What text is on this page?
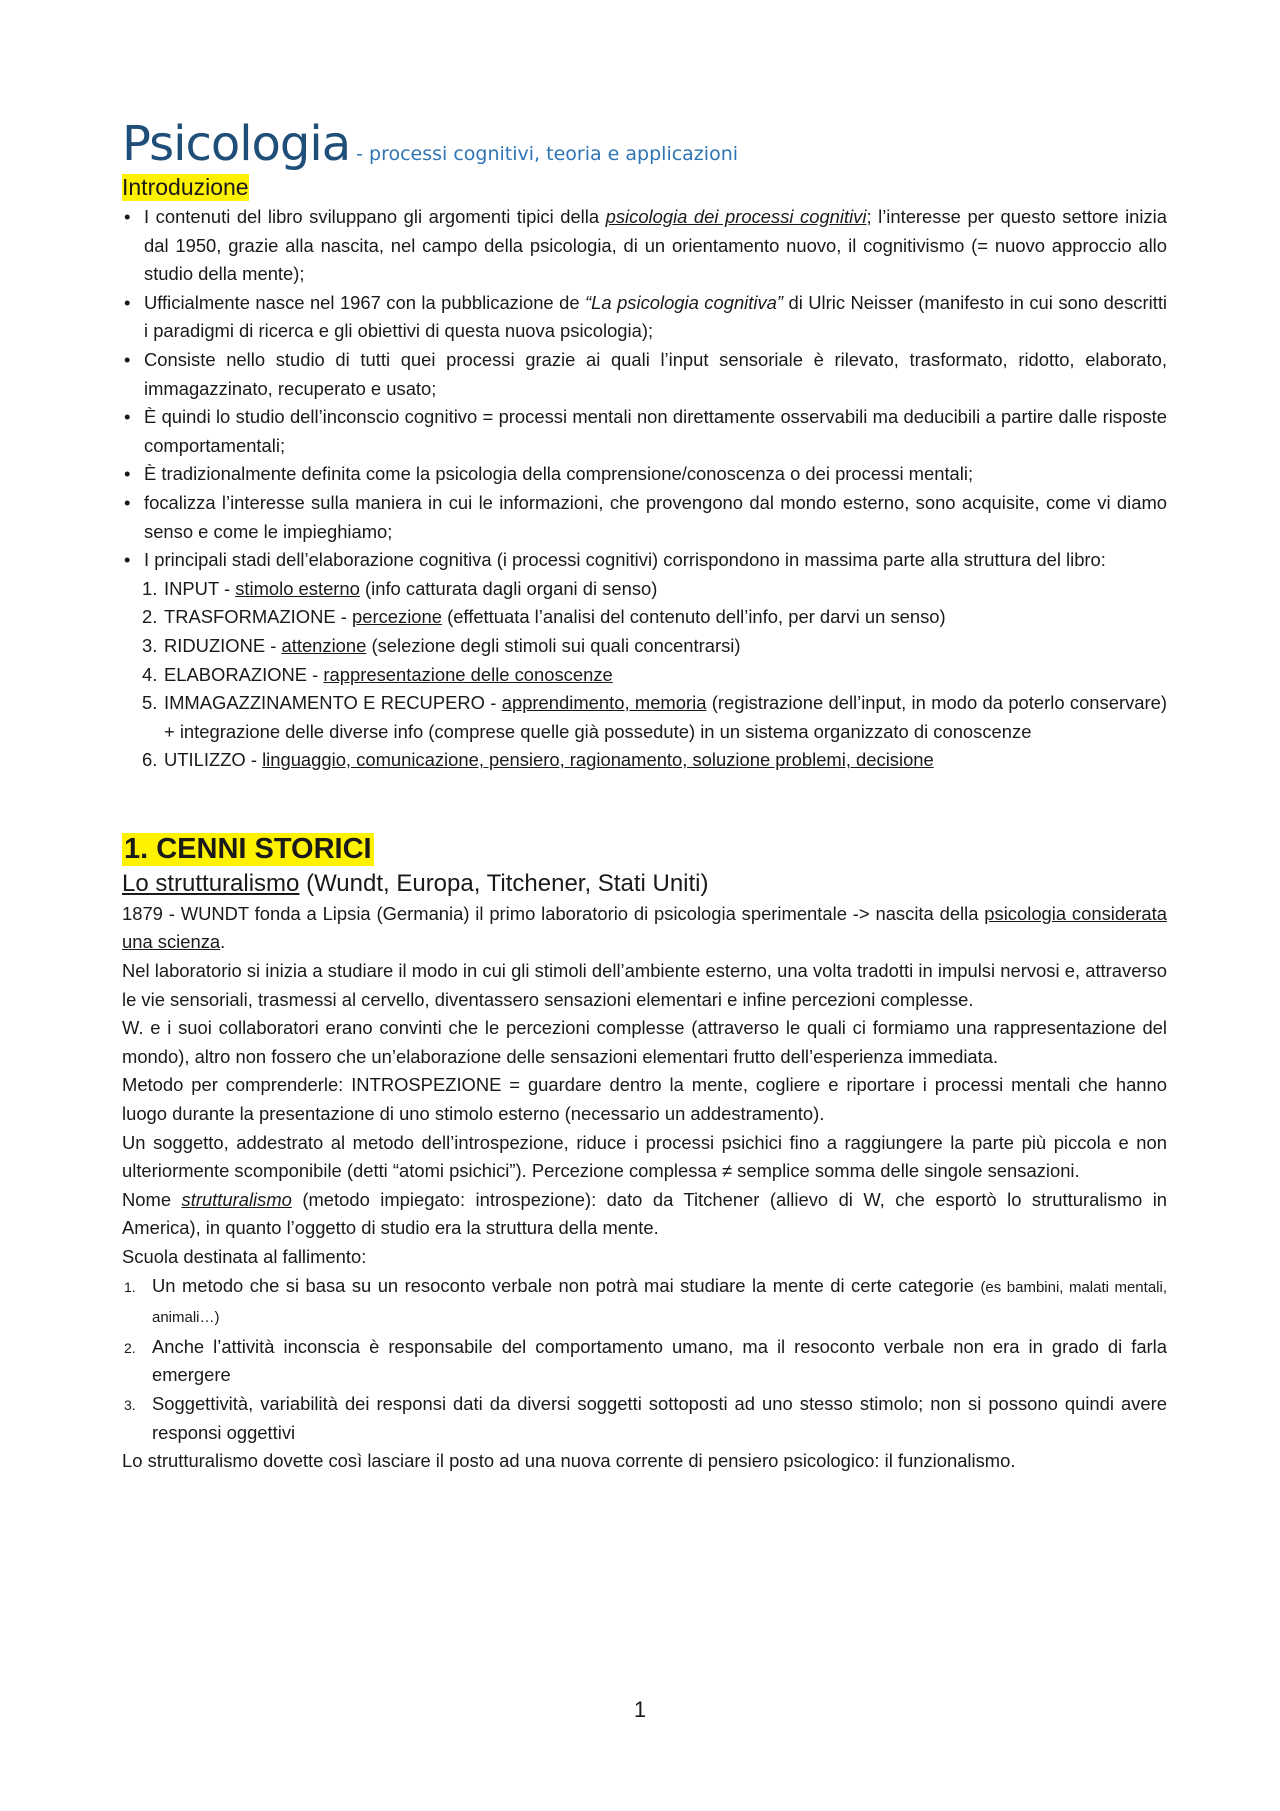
Psicologia - processi cognitivi, teoria e applicazioni
Introduzione
• I contenuti del libro sviluppano gli argomenti tipici della psicologia dei processi cognitivi; l’interesse per questo settore inizia dal 1950, grazie alla nascita, nel campo della psicologia, di un orientamento nuovo, il cognitivismo (= nuovo approccio allo studio della mente);
• Ufficialmente nasce nel 1967 con la pubblicazione de “La psicologia cognitiva” di Ulric Neisser (manifesto in cui sono descritti i paradigmi di ricerca e gli obiettivi di questa nuova psicologia);
• Consiste nello studio di tutti quei processi grazie ai quali l’input sensoriale è rilevato, trasformato, ridotto, elaborato, immagazzinato, recuperato e usato;
• È quindi lo studio dell’inconscio cognitivo = processi mentali non direttamente osservabili ma deducibili a partire dalle risposte comportamentali;
• È tradizionalmente definita come la psicologia della comprensione/conoscenza o dei processi mentali;
• focalizza l’interesse sulla maniera in cui le informazioni, che provengono dal mondo esterno, sono acquisite, come vi diamo senso e come le impieghiamo;
• I principali stadi dell’elaborazione cognitiva (i processi cognitivi) corrispondono in massima parte alla struttura del libro:
1. INPUT - stimolo esterno (info catturata dagli organi di senso)
2. TRASFORMAZIONE - percezione (effettuata l’analisi del contenuto dell’info, per darvi un senso)
3. RIDUZIONE - attenzione (selezione degli stimoli sui quali concentrarsi)
4. ELABORAZIONE - rappresentazione delle conoscenze
5. IMMAGAZZINAMENTO E RECUPERO - apprendimento, memoria (registrazione dell’input, in modo da poterlo conservare) + integrazione delle diverse info (comprese quelle già possedute) in un sistema organizzato di conoscenze
6. UTILIZZO - linguaggio, comunicazione, pensiero, ragionamento, soluzione problemi, decisione
1. CENNI STORICI
Lo strutturalismo (Wundt, Europa, Titchener, Stati Uniti)

1879 - WUNDT fonda a Lipsia (Germania) il primo laboratorio di psicologia sperimentale -> nascita della psicologia considerata una scienza.

Nel laboratorio si inizia a studiare il modo in cui gli stimoli dell’ambiente esterno, una volta tradotti in impulsi nervosi e, attraverso le vie sensoriali, trasmessi al cervello, diventassero sensazioni elementari e infine percezioni complesse.

W. e i suoi collaboratori erano convinti che le percezioni complesse (attraverso le quali ci formiamo una rappresentazione del mondo), altro non fossero che un’elaborazione delle sensazioni elementari frutto dell’esperienza immediata.

Metodo per comprenderle: INTROSPEZIONE = guardare dentro la mente, cogliere e riportare i processi mentali che hanno luogo durante la presentazione di uno stimolo esterno (necessario un addestramento).

Un soggetto, addestrato al metodo dell’introspezione, riduce i processi psichici fino a raggiungere la parte più piccola e non ulteriormente scomponibile (detti “atomi psichici”). Percezione complessa ≠ semplice somma delle singole sensazioni.

Nome strutturalismo (metodo impiegato: introspezione): dato da Titchener (allievo di W, che esportò lo strutturalismo in America), in quanto l’oggetto di studio era la struttura della mente.

Scuola destinata al fallimento:

1. Un metodo che si basa su un resoconto verbale non potrà mai studiare la mente di certe categorie (es bambini, malati mentali, animali…)
2. Anche l’attività inconscia è responsabile del comportamento umano, ma il resoconto verbale non era in grado di farla emergere
3. Soggettività, variabilità dei responsi dati da diversi soggetti sottoposti ad uno stesso stimolo; non si possono quindi avere responsi oggettivi

Lo strutturalismo dovette così lasciare il posto ad una nuova corrente di pensiero psicologico: il funzionalismo.

1
